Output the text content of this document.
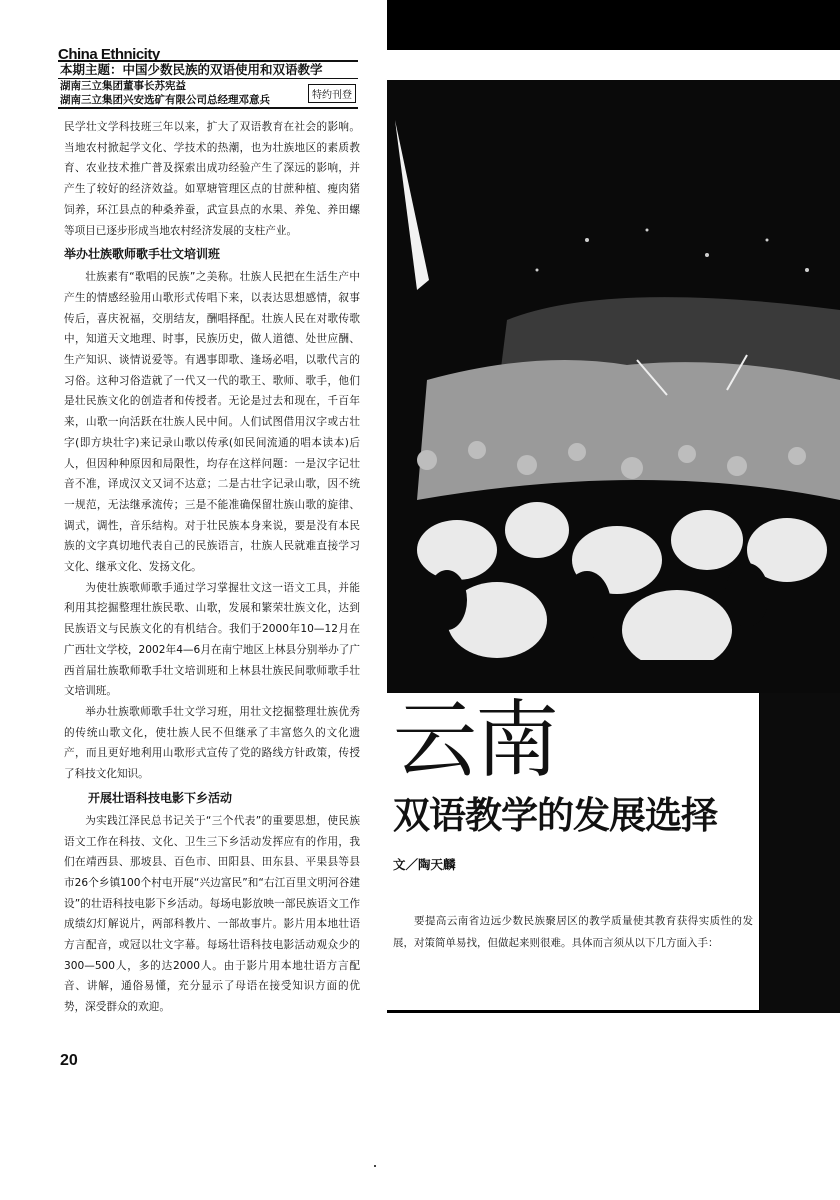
China Ethnicity
本期主题：中国少数民族的双语使用和双语教学
湖南三立集团董事长苏宪益
湖南三立集团兴安选矿有限公司总经理邓意兵	特约刊登

民学壮文学科技班三年以来，扩大了双语教育在社会的影响。当地农村掀起学文化、学技术的热潮，也为壮族地区的素质教育、农业技术推广普及探索出成功经验产生了深远的影响，并产生了较好的经济效益。如覃塘管理区点的甘蔗种植、瘦肉猪饲养，环江县点的种桑养蚕，武宣县点的水果、养兔、养田螺等项目已逐步形成当地农村经济发展的支柱产业。

举办壮族歌师歌手壮文培训班

壮族素有“歌唱的民族”之美称。壮族人民把在生活生产中产生的情感经验用山歌形式传唱下来，以表达思想感情，叙事传后，喜庆祝福，交朋结友，酬唱择配。壮族人民在对歌传歌中，知道天文地理、时事，民族历史，做人道德、处世应酬、生产知识、谈情说爱等。有遇事即歌、逢场必唱，以歌代言的习俗。这种习俗造就了一代又一代的歌王、歌师、歌手，他们是壮民族文化的创造者和传授者。无论是过去和现在，千百年来，山歌一向活跃在壮族人民中间。人们试图借用汉字或古壮字(即方块壮字)来记录山歌以传承(如民间流通的唱本读本)后人，但因种种原因和局限性，均存在这样问题：一是汉字记壮音不准，译成汉文又词不达意；二是古壮字记录山歌，因不统一规范，无法继承流传；三是不能准确保留壮族山歌的旋律、调式，调性，音乐结构。对于壮民族本身来说，要是没有本民族的文字真切地代表自己的民族语言，壮族人民就难直接学习文化、继承文化、发扬文化。

为使壮族歌师歌手通过学习掌握壮文这一语文工具，并能利用其挖掘整理壮族民歌、山歌，发展和繁荣壮族文化，达到民族语文与民族文化的有机结合。我们于2000年10—12月在广西壮文学校，2002年4—6月在南宁地区上林县分别举办了广西首届壮族歌师歌手壮文培训班和上林县壮族民间歌师歌手壮文培训班。

举办壮族歌师歌手壮文学习班，用壮文挖掘整理壮族优秀的传统山歌文化，使壮族人民不但继承了丰富悠久的文化遗产，而且更好地利用山歌形式宣传了党的路线方针政策，传授了科技文化知识。

开展壮语科技电影下乡活动

为实践江泽民总书记关于“三个代表”的重要思想，使民族语文工作在科技、文化、卫生三下乡活动发挥应有的作用，我们在靖西县、那坡县、百色市、田阳县、田东县、平果县等县市26个乡镇100个村屯开展“兴边富民”和“右江百里文明河谷建设”的壮语科技电影下乡活动。每场电影放映一部民族语文工作成绩幻灯解说片，两部科教片、一部故事片。影片用本地壮语方言配音，或冠以壮文字幕。每场壮语科技电影活动观众少的300—500人，多的达2000人。由于影片用本地壮语方言配音、讲解，通俗易懂，充分显示了母语在接受知识方面的优势，深受群众的欢迎。

20
云南
双语教学的发展选择
文／陶天麟
要提高云南省边远少数民族聚居区的教学质量使其教育获得实质性的发展，对策简单易找，但做起来则很难。具体而言须从以下几方面入手：
